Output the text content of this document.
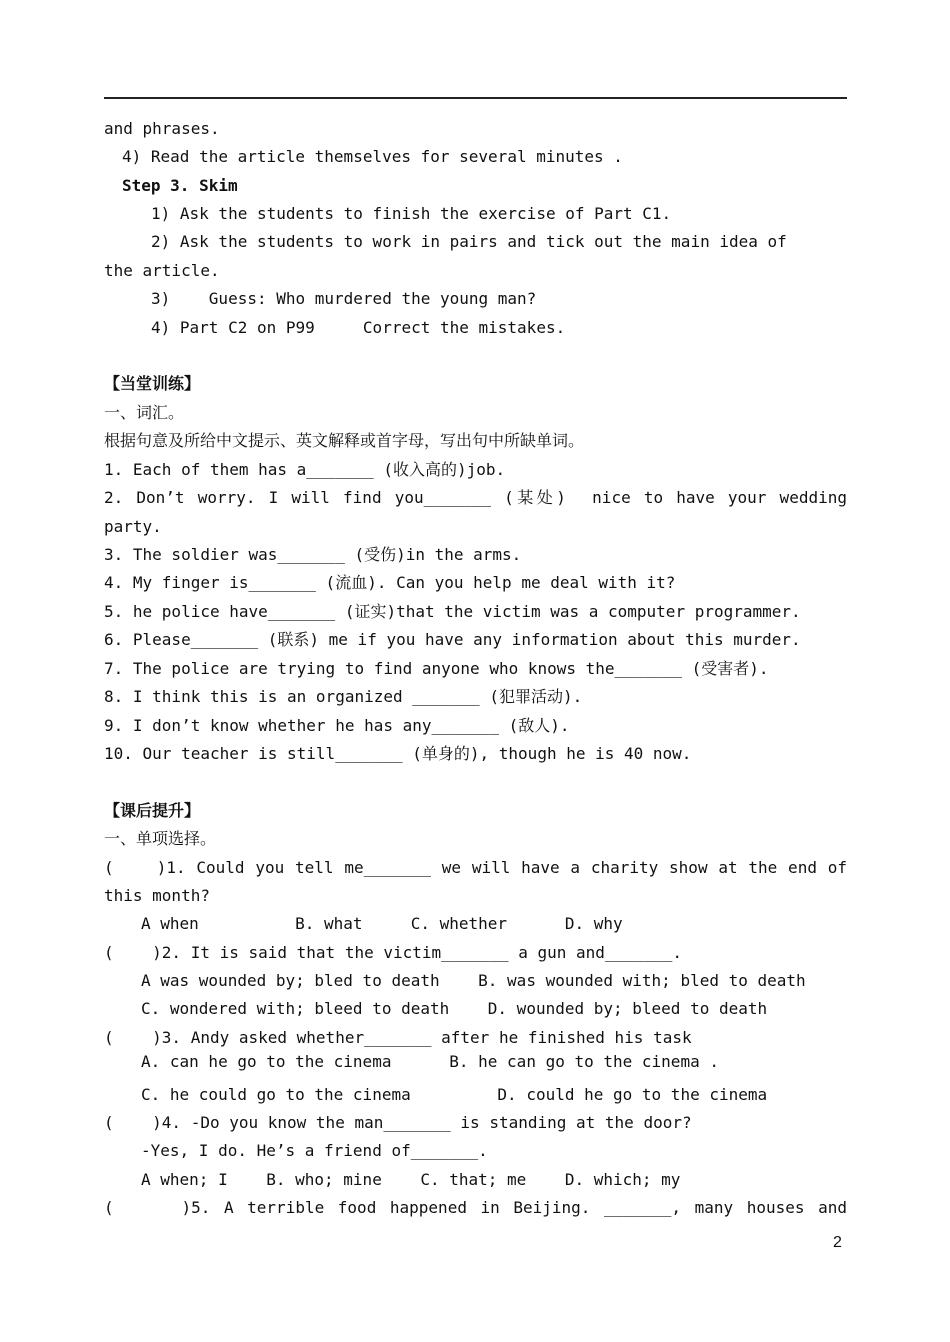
and phrases.
4) Read the article themselves for several minutes .
Step 3. Skim
1) Ask the students to finish the exercise of Part C1.
2) Ask the students to work in pairs and tick out the main idea of
the article.
3)    Guess: Who murdered the young man?
4) Part C2 on P99     Correct the mistakes.
【当堂训练】
一、词汇。
根据句意及所给中文提示、英文解释或首字母，写出句中所缺单词。
1. Each of them has a_______ (收入高的)job.
2. Don’t worry. I will find you_______ (某处)  nice to have your wedding
party.
3. The soldier was_______ (受伤)in the arms.
4. My finger is_______ (流血). Can you help me deal with it?
5. he police have_______ (证实)that the victim was a computer programmer.
6. Please_______ (联系) me if you have any information about this murder.
7. The police are trying to find anyone who knows the_______ (受害者).
8. I think this is an organized _______ (犯罪活动).
9. I don’t know whether he has any_______ (敌人).
10. Our teacher is still_______ (单身的), though he is 40 now.
【课后提升】
一、单项选择。
(    )1. Could you tell me_______ we will have a charity show at the end of
this month?
A when          B. what     C. whether      D. why
(    )2. It is said that the victim_______ a gun and_______.
A was wounded by; bled to death    B. was wounded with; bled to death
C. wondered with; bleed to death    D. wounded by; bleed to death
(    )3. Andy asked whether_______ after he finished his task
A. can he go to the cinema      B. he can go to the cinema .
C. he could go to the cinema         D. could he go to the cinema
(    )4. -Do you know the man_______ is standing at the door?
-Yes, I do. He’s a friend of_______.
A when; I    B. who; mine    C. that; me    D. which; my
(     )5. A terrible food happened in Beijing. _______, many houses and
2
